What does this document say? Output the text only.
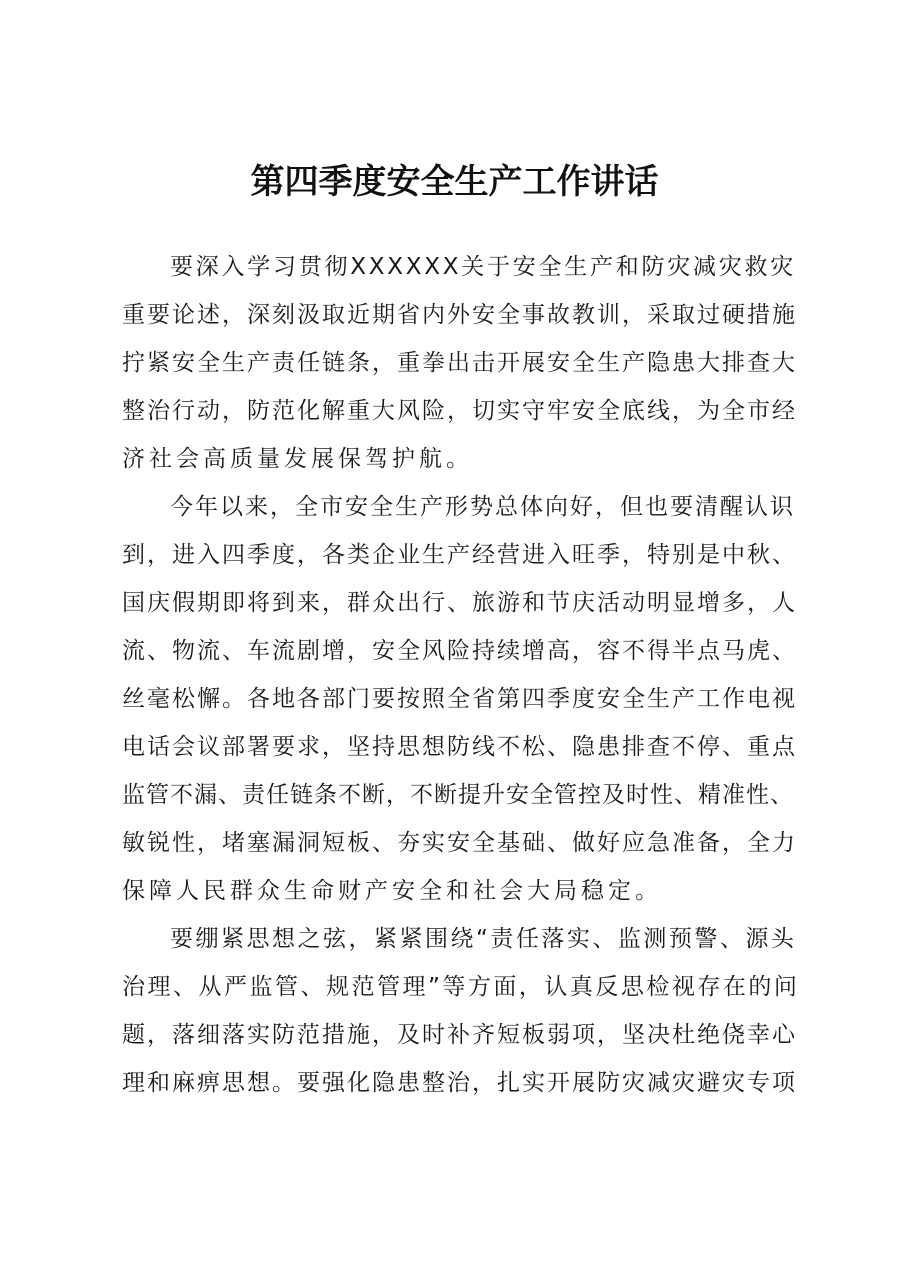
第四季度安全生产工作讲话
要深入学习贯彻XXXXXX关于安全生产和防灾减灾救灾
重要论述，深刻汲取近期省内外安全事故教训，采取过硬措施
拧紧安全生产责任链条，重拳出击开展安全生产隐患大排查大
整治行动，防范化解重大风险，切实守牢安全底线，为全市经
济社会高质量发展保驾护航。
今年以来，全市安全生产形势总体向好，但也要清醒认识
到，进入四季度，各类企业生产经营进入旺季，特别是中秋、
国庆假期即将到来，群众出行、旅游和节庆活动明显增多，人
流、物流、车流剧增，安全风险持续增高，容不得半点马虎、
丝毫松懈。各地各部门要按照全省第四季度安全生产工作电视
电话会议部署要求，坚持思想防线不松、隐患排查不停、重点
监管不漏、责任链条不断，不断提升安全管控及时性、精准性、
敏锐性，堵塞漏洞短板、夯实安全基础、做好应急准备，全力
保障人民群众生命财产安全和社会大局稳定。
要绷紧思想之弦，紧紧围绕“责任落实、监测预警、源头
治理、从严监管、规范管理”等方面，认真反思检视存在的问
题，落细落实防范措施，及时补齐短板弱项，坚决杜绝侥幸心
理和麻痹思想。要强化隐患整治，扎实开展防灾减灾避灾专项
